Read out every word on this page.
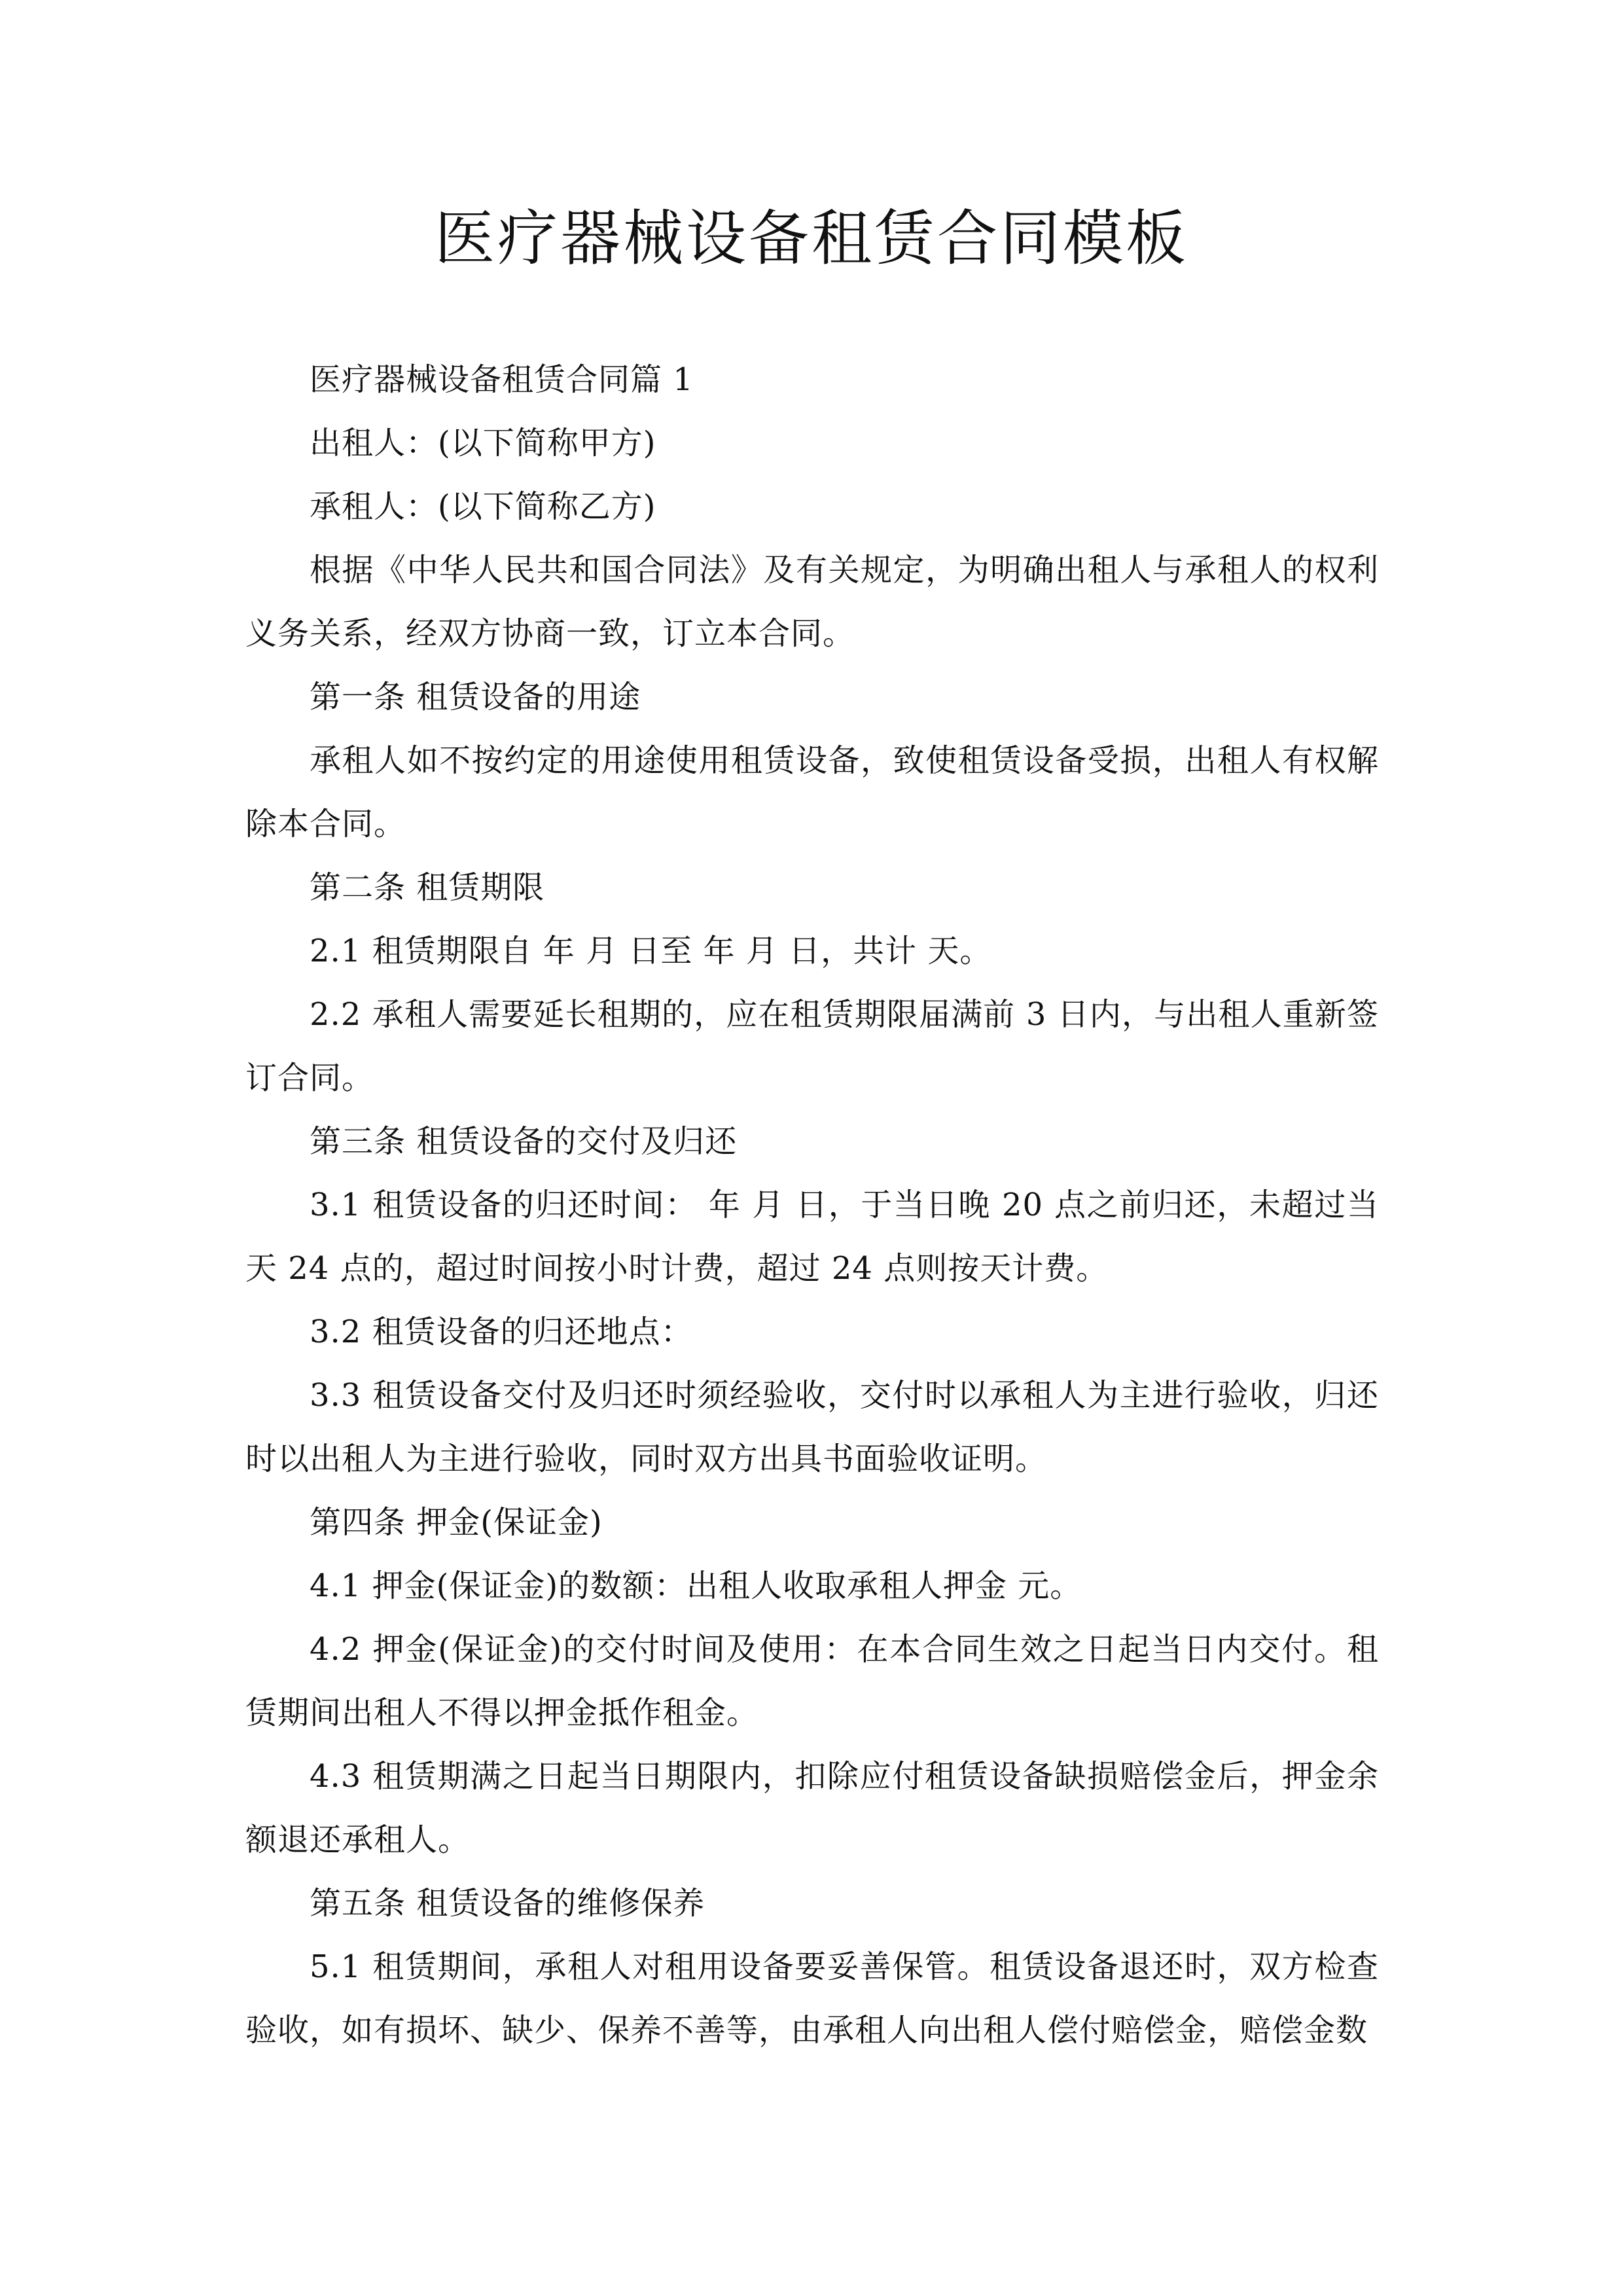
医疗器械设备租赁合同模板

医疗器械设备租赁合同篇 1

出租人：(以下简称甲方)

承租人：(以下简称乙方)

根据《中华人民共和国合同法》及有关规定，为明确出租人与承租人的权利义务关系，经双方协商一致，订立本合同。

第一条 租赁设备的用途

承租人如不按约定的用途使用租赁设备，致使租赁设备受损，出租人有权解除本合同。

第二条 租赁期限

2.1 租赁期限自 年 月 日至 年 月 日，共计 天。

2.2 承租人需要延长租期的，应在租赁期限届满前 3 日内，与出租人重新签订合同。

第三条 租赁设备的交付及归还

3.1 租赁设备的归还时间： 年 月 日，于当日晚 20 点之前归还，未超过当天 24 点的，超过时间按小时计费，超过 24 点则按天计费。

3.2 租赁设备的归还地点：

3.3 租赁设备交付及归还时须经验收，交付时以承租人为主进行验收，归还时以出租人为主进行验收，同时双方出具书面验收证明。

第四条 押金(保证金)

4.1 押金(保证金)的数额：出租人收取承租人押金 元。

4.2 押金(保证金)的交付时间及使用：在本合同生效之日起当日内交付。租赁期间出租人不得以押金抵作租金。

4.3 租赁期满之日起当日期限内，扣除应付租赁设备缺损赔偿金后，押金余额退还承租人。

第五条 租赁设备的维修保养

5.1 租赁期间，承租人对租用设备要妥善保管。租赁设备退还时，双方检查验收，如有损坏、缺少、保养不善等，由承租人向出租人偿付赔偿金，赔偿金数
